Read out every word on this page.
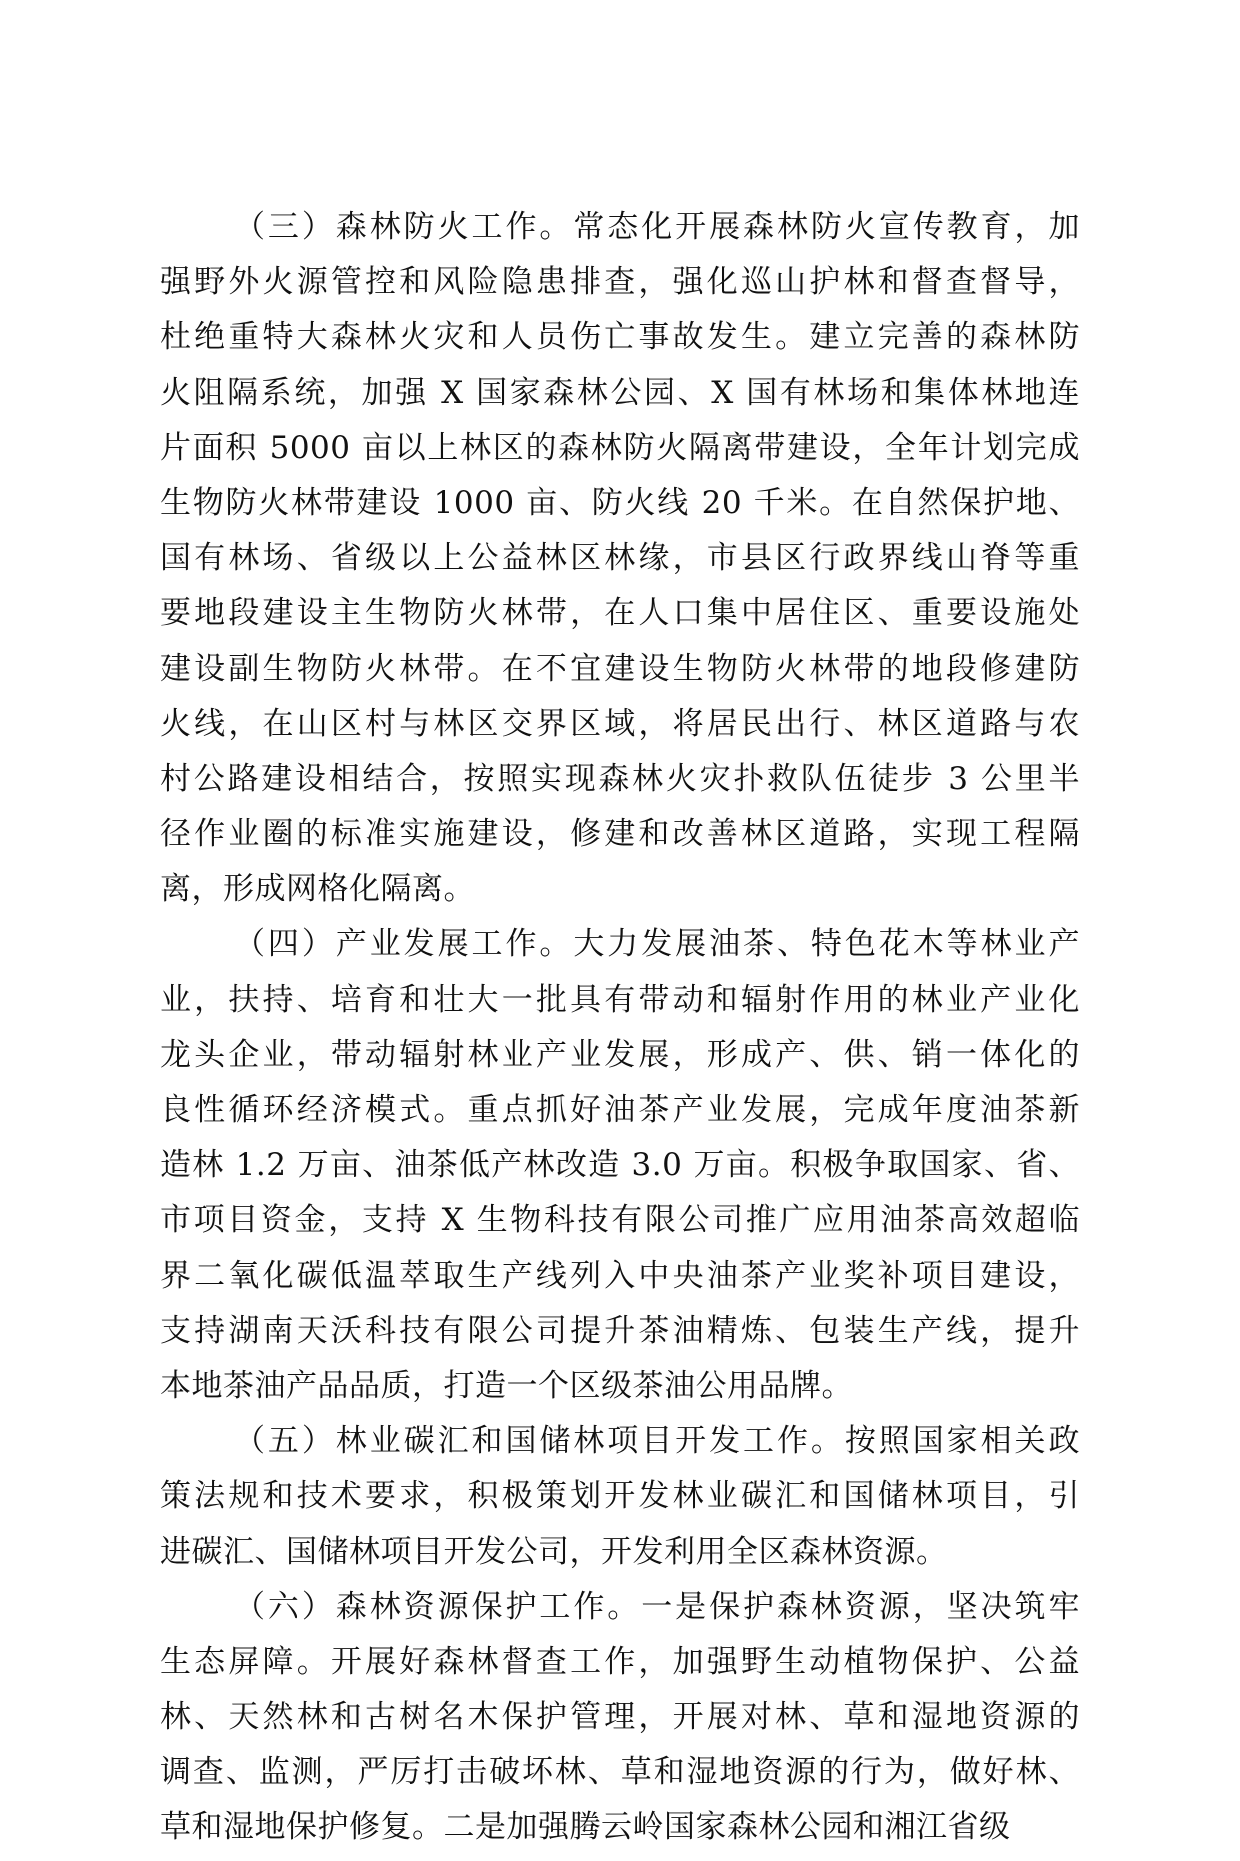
（三）森林防火工作。常态化开展森林防火宣传教育，加
强野外火源管控和风险隐患排查，强化巡山护林和督查督导，
杜绝重特大森林火灾和人员伤亡事故发生。建立完善的森林防
火阻隔系统，加强 X 国家森林公园、X 国有林场和集体林地连
片面积 5000 亩以上林区的森林防火隔离带建设，全年计划完成
生物防火林带建设 1000 亩、防火线 20 千米。在自然保护地、
国有林场、省级以上公益林区林缘，市县区行政界线山脊等重
要地段建设主生物防火林带，在人口集中居住区、重要设施处
建设副生物防火林带。在不宜建设生物防火林带的地段修建防
火线，在山区村与林区交界区域，将居民出行、林区道路与农
村公路建设相结合，按照实现森林火灾扑救队伍徒步 3 公里半
径作业圈的标准实施建设，修建和改善林区道路，实现工程隔
离，形成网格化隔离。
（四）产业发展工作。大力发展油茶、特色花木等林业产
业，扶持、培育和壮大一批具有带动和辐射作用的林业产业化
龙头企业，带动辐射林业产业发展，形成产、供、销一体化的
良性循环经济模式。重点抓好油茶产业发展，完成年度油茶新
造林 1.2 万亩、油茶低产林改造 3.0 万亩。积极争取国家、省、
市项目资金，支持 X 生物科技有限公司推广应用油茶高效超临
界二氧化碳低温萃取生产线列入中央油茶产业奖补项目建设，
支持湖南天沃科技有限公司提升茶油精炼、包装生产线，提升
本地茶油产品品质，打造一个区级茶油公用品牌。
（五）林业碳汇和国储林项目开发工作。按照国家相关政
策法规和技术要求，积极策划开发林业碳汇和国储林项目，引
进碳汇、国储林项目开发公司，开发利用全区森林资源。
（六）森林资源保护工作。一是保护森林资源，坚决筑牢
生态屏障。开展好森林督查工作，加强野生动植物保护、公益
林、天然林和古树名木保护管理，开展对林、草和湿地资源的
调查、监测，严厉打击破坏林、草和湿地资源的行为，做好林、
草和湿地保护修复。二是加强腾云岭国家森林公园和湘江省级
